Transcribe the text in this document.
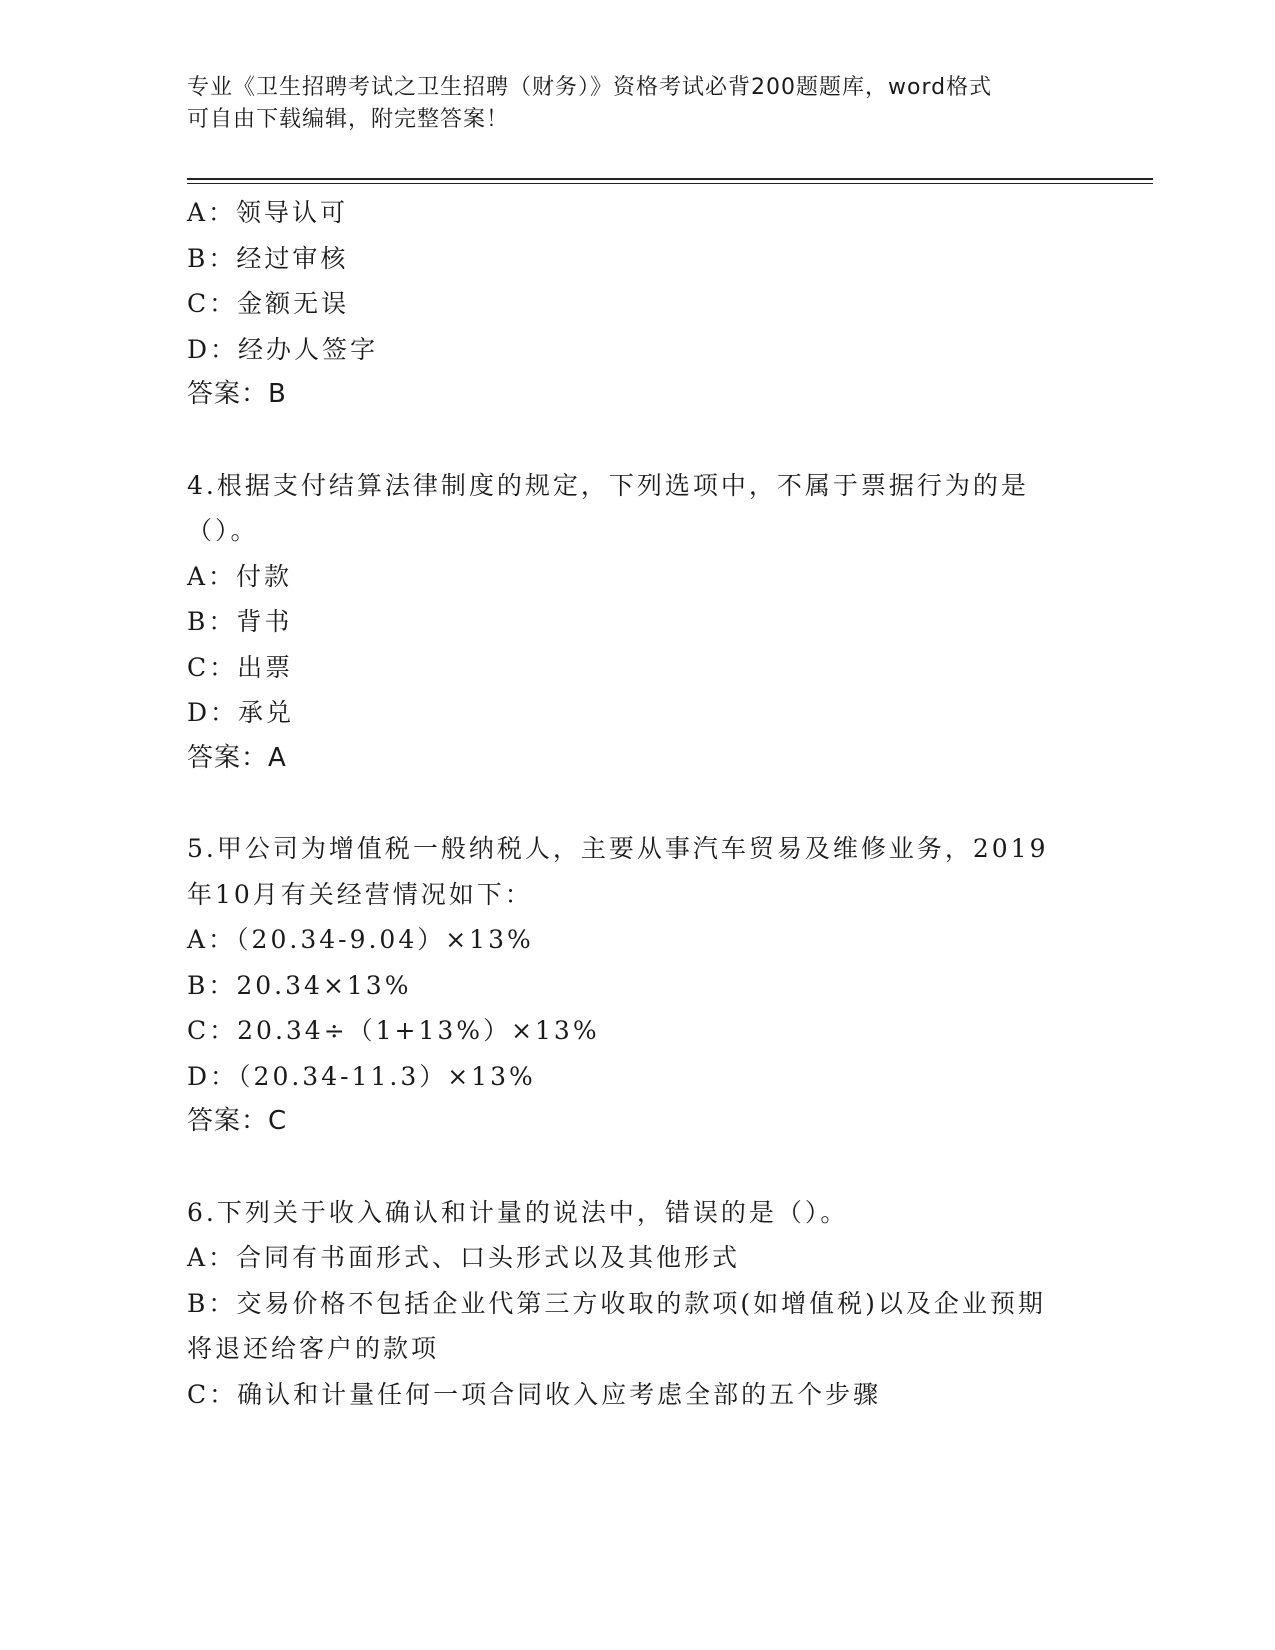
专业《卫生招聘考试之卫生招聘（财务）》资格考试必背200题题库，word格式
可自由下载编辑，附完整答案！
A：领导认可
B：经过审核
C：金额无误
D：经办人签字
答案：B
4.根据支付结算法律制度的规定，下列选项中，不属于票据行为的是
（）。
A：付款
B：背书
C：出票
D：承兑
答案：A
5.甲公司为增值税一般纳税人，主要从事汽车贸易及维修业务，2019
年10月有关经营情况如下：
A：（20.34-9.04）×13%
B：20.34×13%
C：20.34÷（1+13%）×13%
D：（20.34-11.3）×13%
答案：C
6.下列关于收入确认和计量的说法中，错误的是（）。
A：合同有书面形式、口头形式以及其他形式
B：交易价格不包括企业代第三方收取的款项(如增值税)以及企业预期
将退还给客户的款项
C：确认和计量任何一项合同收入应考虑全部的五个步骤
